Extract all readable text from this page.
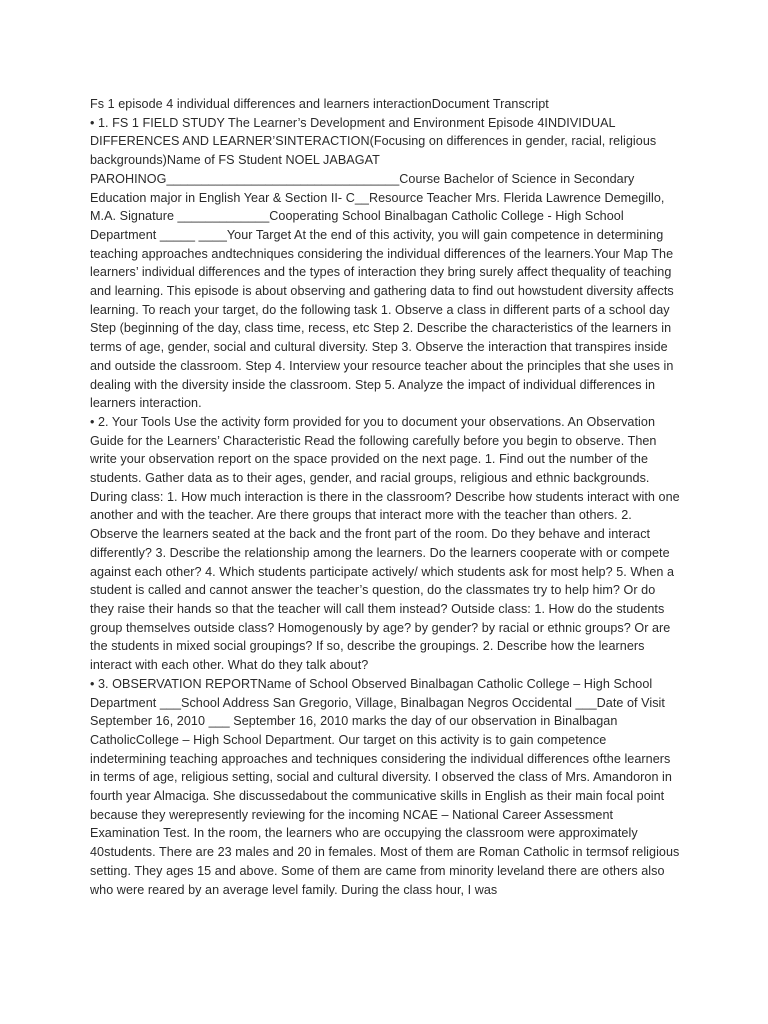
Fs 1 episode 4 individual differences and learners interactionDocument Transcript

• 1. FS 1 FIELD STUDY The Learner’s Development and Environment Episode 4INDIVIDUAL DIFFERENCES AND LEARNER’SINTERACTION(Focusing on differences in gender, racial, religious backgrounds)Name of FS Student NOEL JABAGAT PAROHINOG_________________________________Course Bachelor of Science in Secondary Education major in English Year & Section II- C__Resource Teacher Mrs. Flerida Lawrence Demegillo, M.A. Signature _____________Cooperating School Binalbagan Catholic College - High School Department _____ ____Your Target At the end of this activity, you will gain competence in determining teaching approaches andtechniques considering the individual differences of the learners.Your Map The learners’ individual differences and the types of interaction they bring surely affect thequality of teaching and learning. This episode is about observing and gathering data to find out howstudent diversity affects learning. To reach your target, do the following task 1. Observe a class in different parts of a school day Step (beginning of the day, class time, recess, etc Step 2. Describe the characteristics of the learners in terms of age, gender, social and cultural diversity. Step 3. Observe the interaction that transpires inside and outside the classroom. Step 4. Interview your resource teacher about the principles that she uses in dealing with the diversity inside the classroom. Step 5. Analyze the impact of individual differences in learners interaction.

• 2. Your Tools Use the activity form provided for you to document your observations. An Observation Guide for the Learners’ Characteristic Read the following carefully before you begin to observe. Then write your observation report on the space provided on the next page. 1. Find out the number of the students. Gather data as to their ages, gender, and racial groups, religious and ethnic backgrounds. During class: 1. How much interaction is there in the classroom? Describe how students interact with one another and with the teacher. Are there groups that interact more with the teacher than others. 2. Observe the learners seated at the back and the front part of the room. Do they behave and interact differently? 3. Describe the relationship among the learners. Do the learners cooperate with or compete against each other? 4. Which students participate actively/ which students ask for most help? 5. When a student is called and cannot answer the teacher’s question, do the classmates try to help him? Or do they raise their hands so that the teacher will call them instead? Outside class: 1. How do the students group themselves outside class? Homogenously by age? by gender? by racial or ethnic groups? Or are the students in mixed social groupings? If so, describe the groupings. 2. Describe how the learners interact with each other. What do they talk about?

• 3. OBSERVATION REPORTName of School Observed Binalbagan Catholic College – High School Department ___School Address San Gregorio, Village, Binalbagan Negros Occidental ___Date of Visit September 16, 2010 ___ September 16, 2010 marks the day of our observation in Binalbagan CatholicCollege – High School Department. Our target on this activity is to gain competence indetermining teaching approaches and techniques considering the individual differences ofthe learners in terms of age, religious setting, social and cultural diversity. I observed the class of Mrs. Amandoron in fourth year Almaciga. She discussedabout the communicative skills in English as their main focal point because they werepresently reviewing for the incoming NCAE – National Career Assessment Examination Test. In the room, the learners who are occupying the classroom were approximately 40students. There are 23 males and 20 in females. Most of them are Roman Catholic in termsof religious setting. They ages 15 and above. Some of them are came from minority leveland there are others also who were reared by an average level family. During the class hour, I was
